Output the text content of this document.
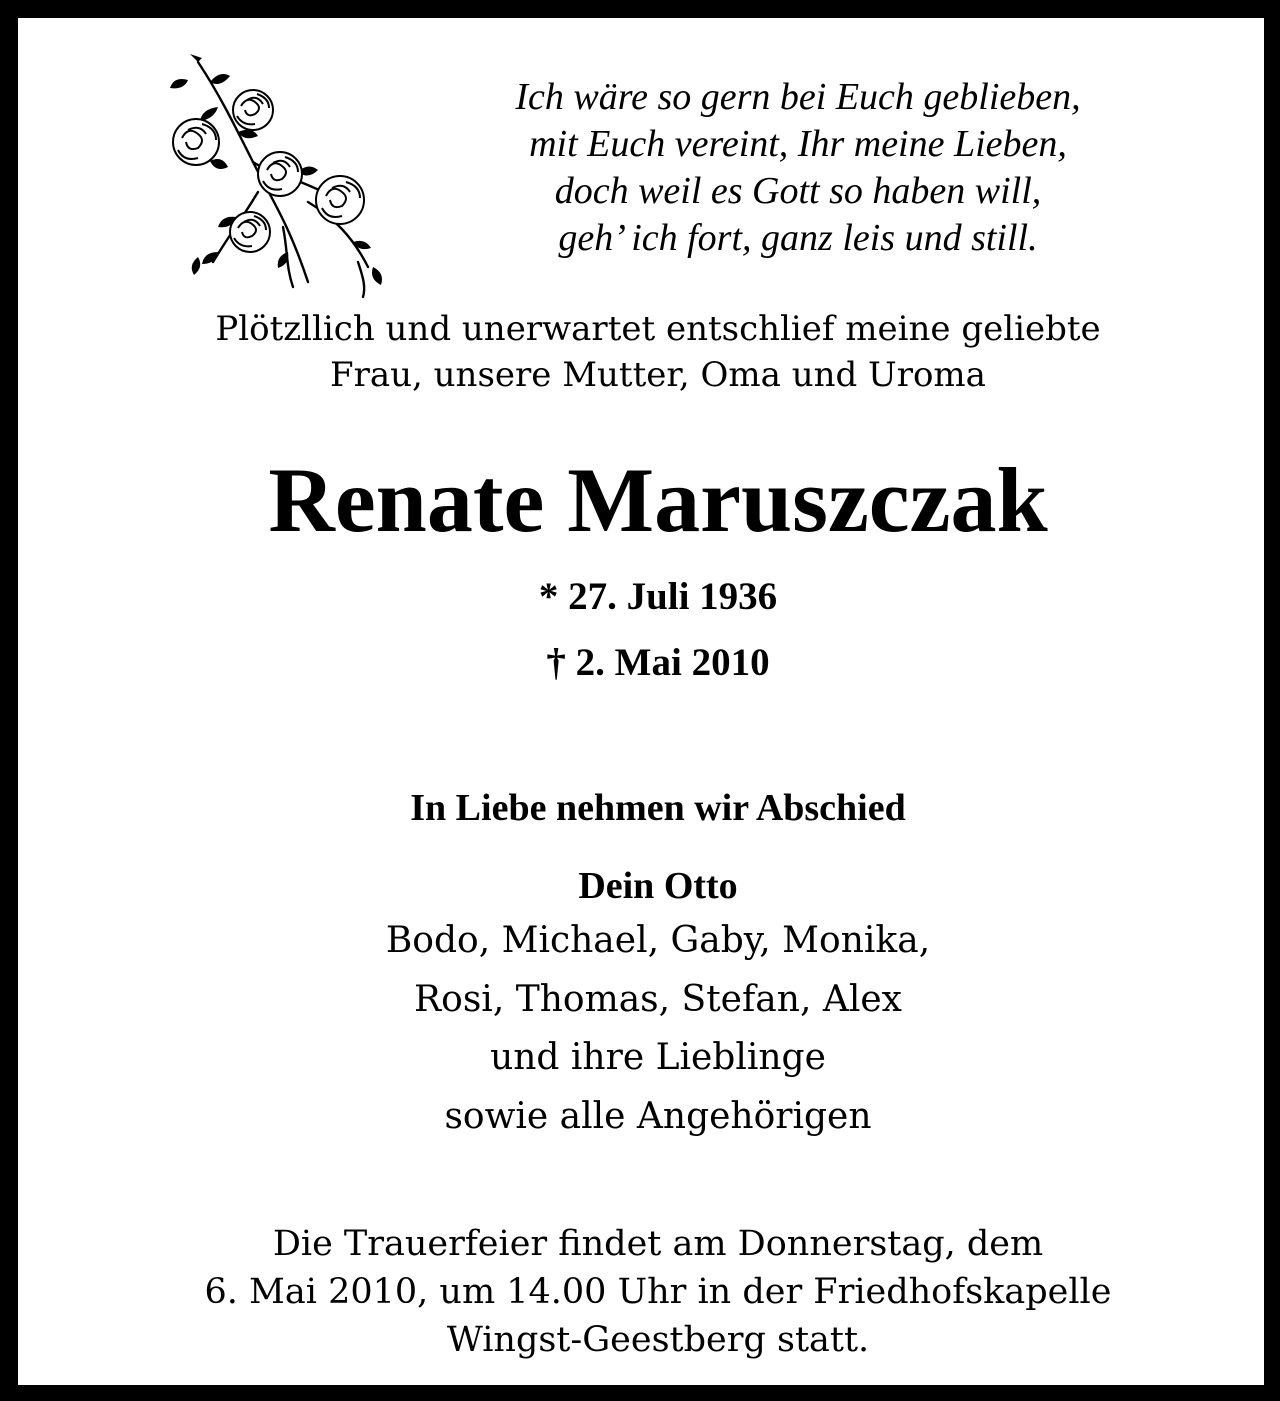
Ich wäre so gern bei Euch geblieben,
mit Euch vereint, Ihr meine Lieben,
doch weil es Gott so haben will,
geh’ ich fort, ganz leis und still.

Plötzllich und unerwartet entschlief meine geliebte
Frau, unsere Mutter, Oma und Uroma

Renate Maruszczak
* 27. Juli 1936
† 2. Mai 2010

In Liebe nehmen wir Abschied

Dein Otto
Bodo, Michael, Gaby, Monika,
Rosi, Thomas, Stefan, Alex
und ihre Lieblinge
sowie alle Angehörigen

Die Trauerfeier findet am Donnerstag, dem
6. Mai 2010, um 14.00 Uhr in der Friedhofskapelle
Wingst-Geestberg statt.
